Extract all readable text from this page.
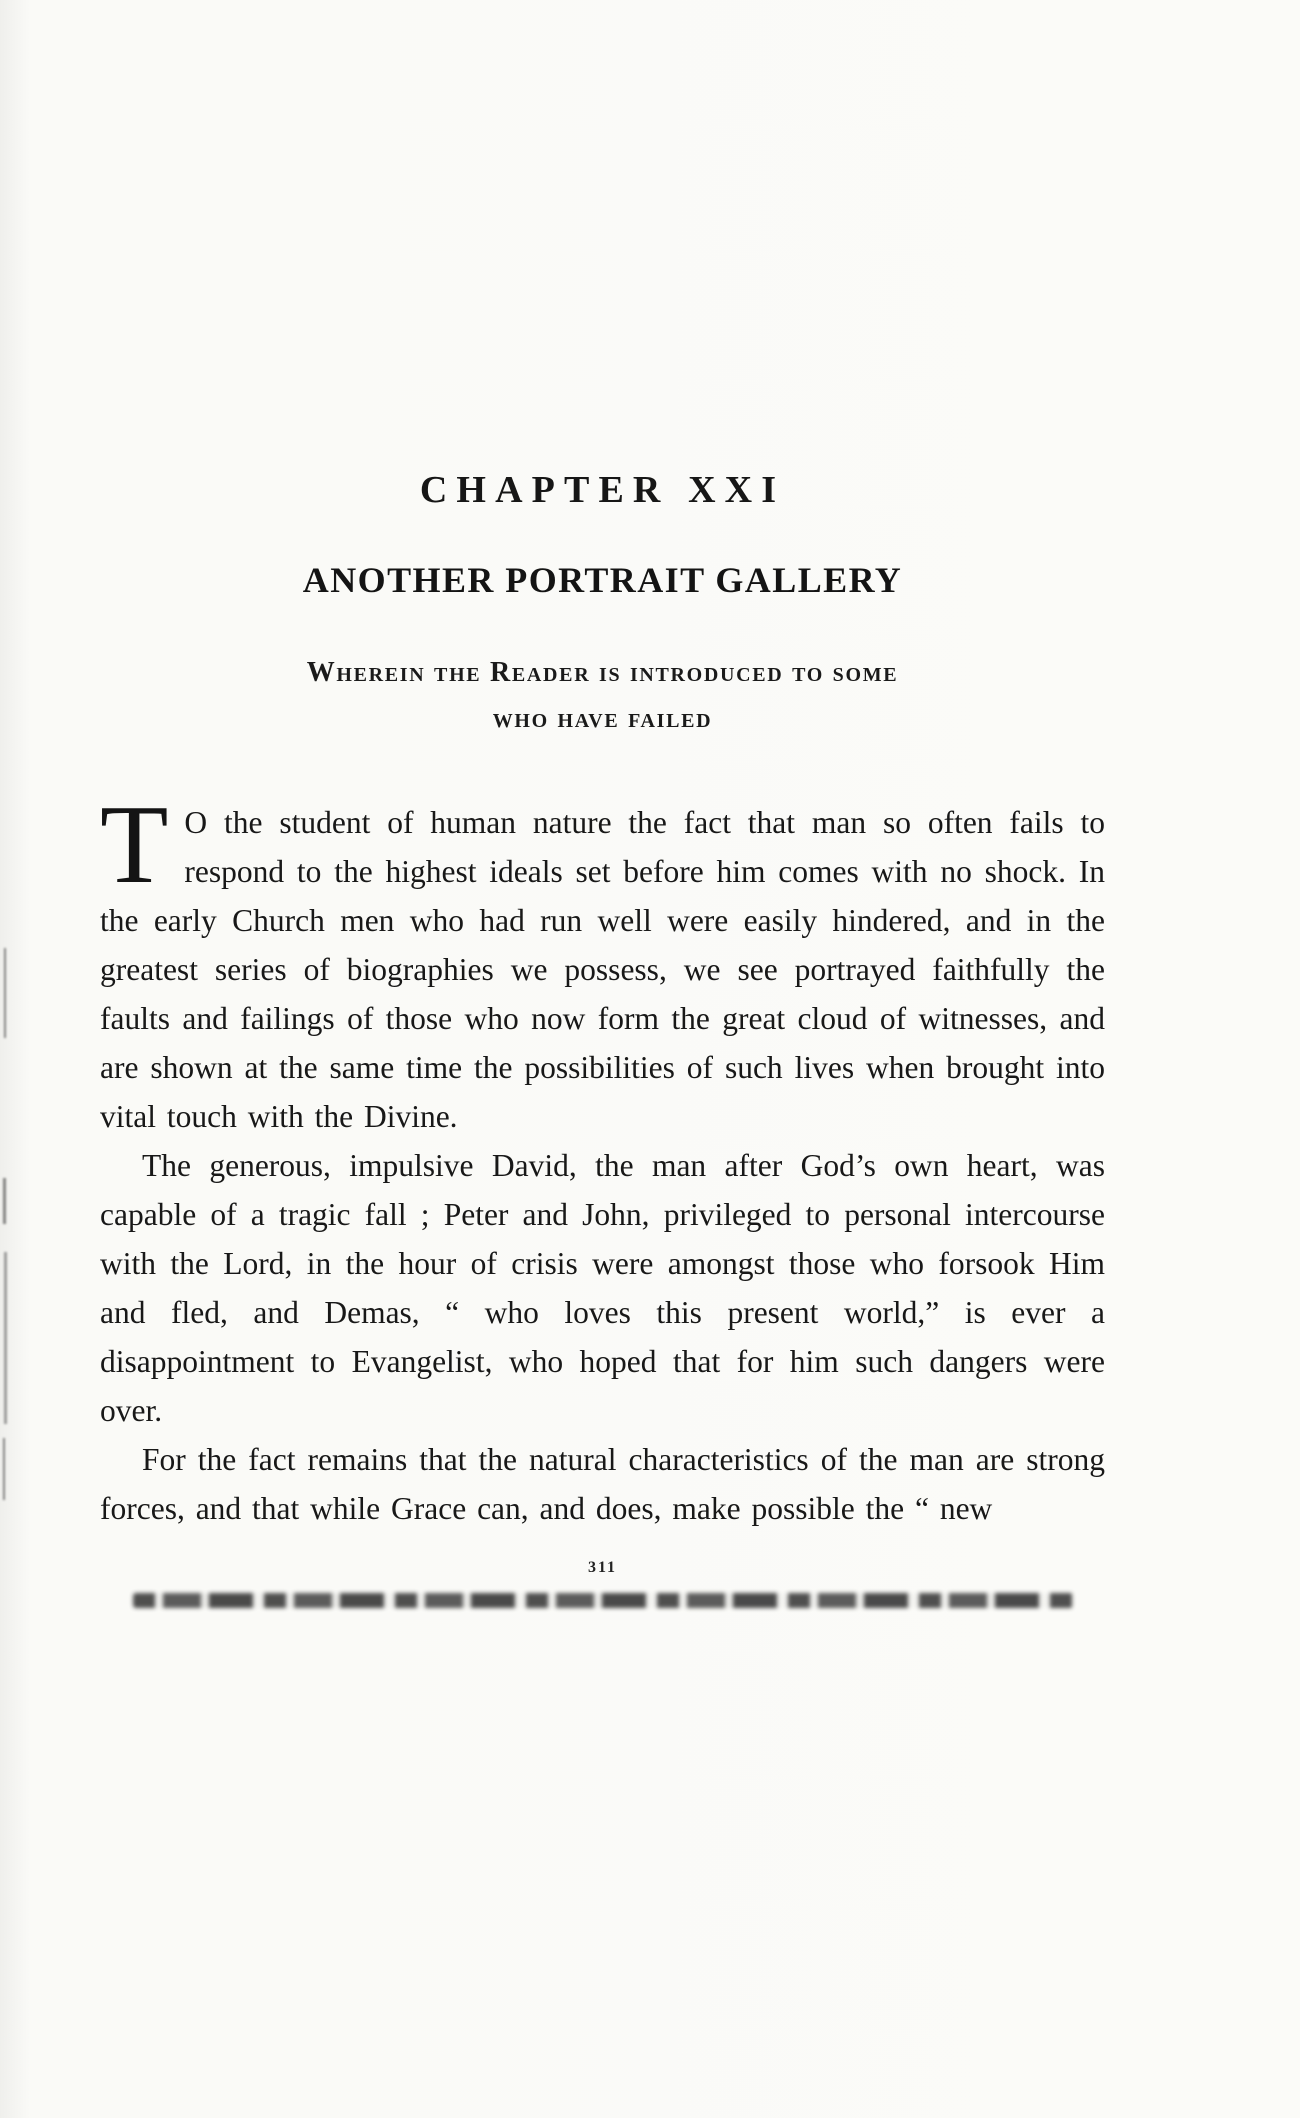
CHAPTER XXI
ANOTHER PORTRAIT GALLERY
Wherein the Reader is introduced to some
who have failed

T O the student of human nature the fact that man so often fails to respond to the highest ideals set before him comes with no shock. In the early Church men who had run well were easily hindered, and in the greatest series of biographies we possess, we see portrayed faithfully the faults and failings of those who now form the great cloud of witnesses, and are shown at the same time the possibilities of such lives when brought into vital touch with the Divine.

The generous, impulsive David, the man after God’s own heart, was capable of a tragic fall ; Peter and John, privileged to personal intercourse with the Lord, in the hour of crisis were amongst those who forsook Him and fled, and Demas, “ who loves this present world,” is ever a disappointment to Evangelist, who hoped that for him such dangers were over.

For the fact remains that the natural characteristics of the man are strong forces, and that while Grace can, and does, make possible the “ new

311
